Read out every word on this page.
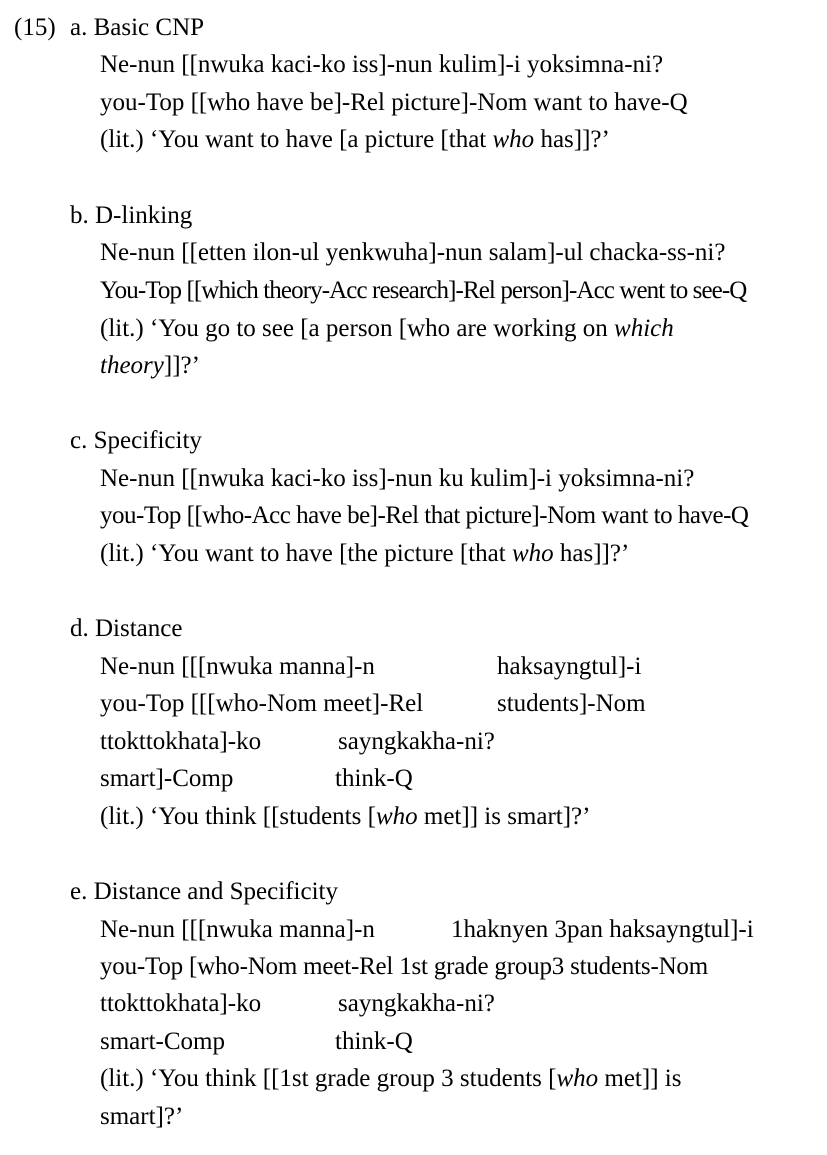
(15) a. Basic CNP
Ne-nun [[nwuka kaci-ko iss]-nun kulim]-i yoksimna-ni?
you-Top [[who have be]-Rel picture]-Nom want to have-Q
(lit.) ‘You want to have [a picture [that who has]]?’
b. D-linking
Ne-nun [[etten ilon-ul yenkwuha]-nun salam]-ul chacka-ss-ni?
You-Top [[which theory-Acc research]-Rel person]-Acc went to see-Q
(lit.) ‘You go to see [a person [who are working on which
theory]]?’
c. Specificity
Ne-nun [[nwuka kaci-ko iss]-nun ku kulim]-i yoksimna-ni?
you-Top [[who-Acc have be]-Rel that picture]-Nom want to have-Q
(lit.) ‘You want to have [the picture [that who has]]?’
d. Distance
Ne-nun [[[nwuka manna]-n	haksayngtul]-i
you-Top [[[who-Nom meet]-Rel	students]-Nom
ttokttokhata]-ko	sayngkakha-ni?
smart]-Comp	think-Q
(lit.) ‘You think [[students [who met]] is smart]?’
e. Distance and Specificity
Ne-nun [[[nwuka manna]-n	1haknyen 3pan haksayngtul]-i
you-Top [who-Nom meet-Rel 1st grade group3 students-Nom
ttokttokhata]-ko	sayngkakha-ni?
smart-Comp	think-Q
(lit.) ‘You think [[1st grade group 3 students [who met]] is
smart]?’
